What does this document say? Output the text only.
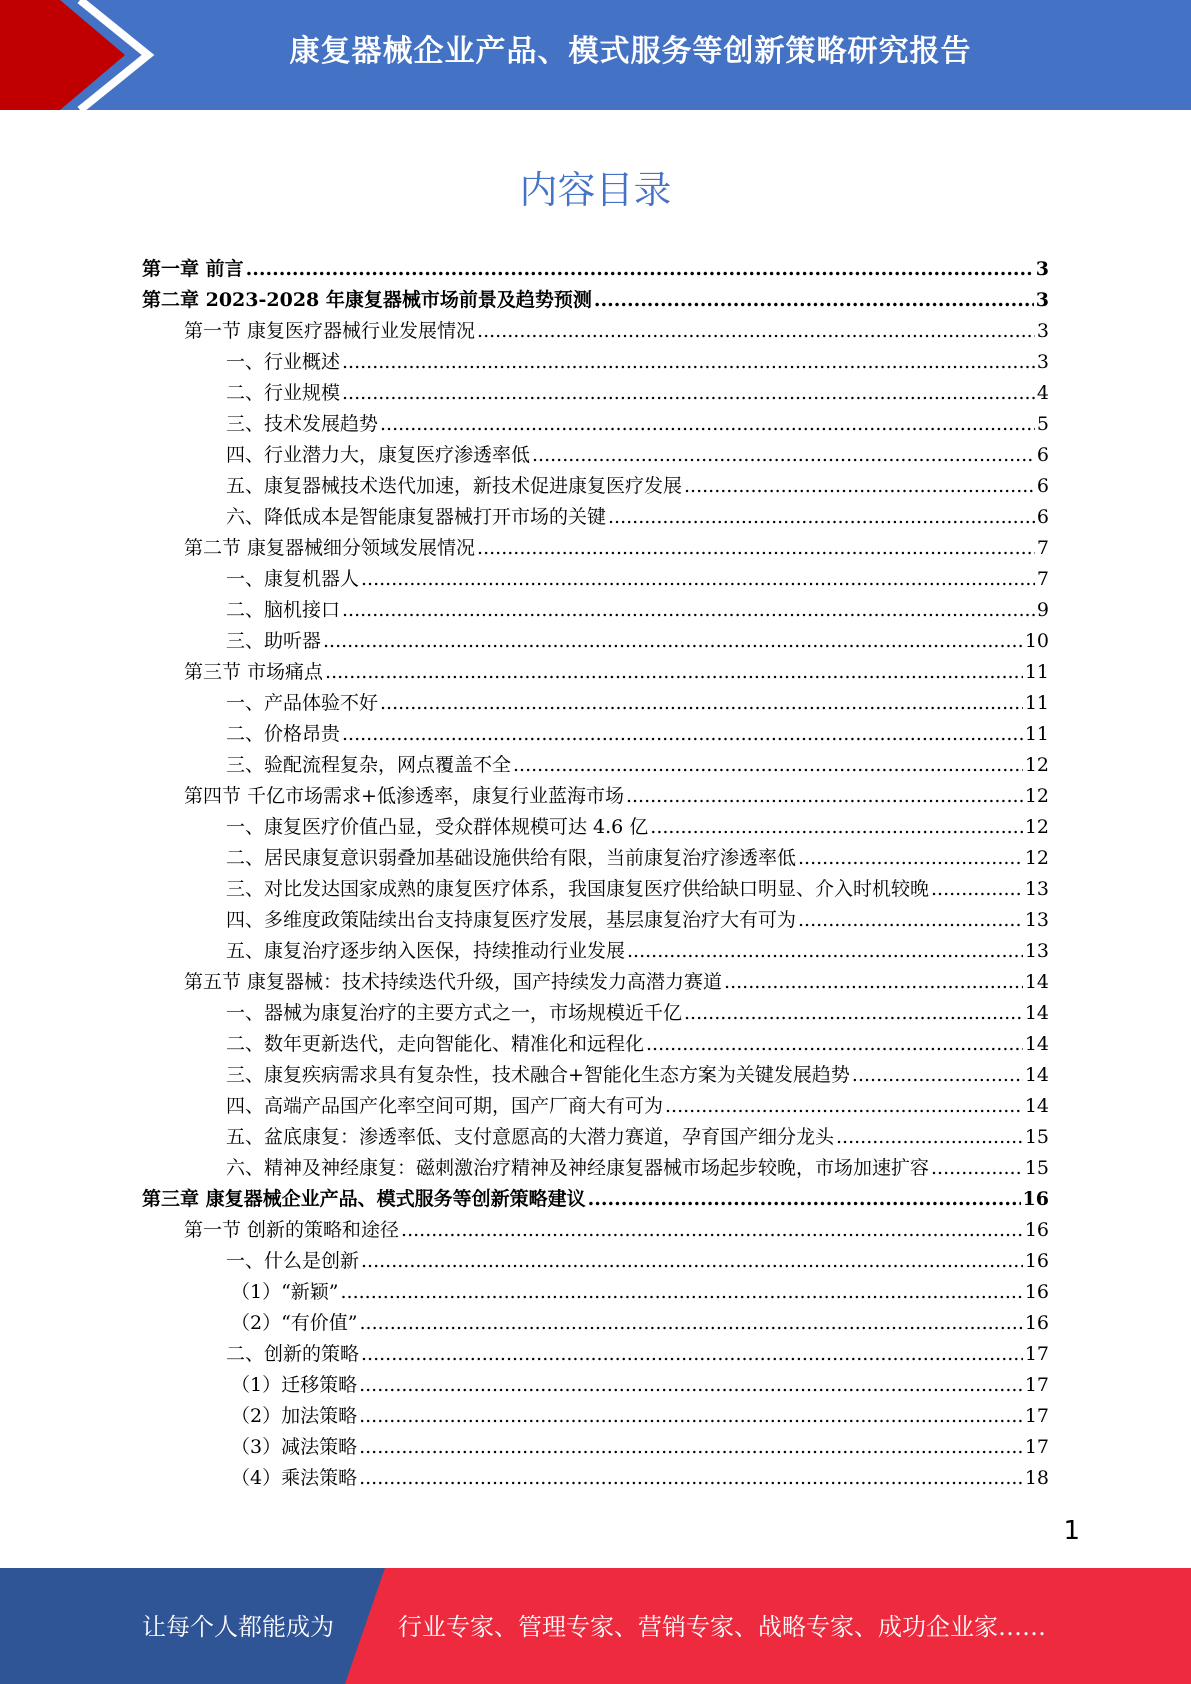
康复器械企业产品、模式服务等创新策略研究报告
内容目录
第一章 前言 .....	3
第二章 2023-2028 年康复器械市场前景及趋势预测 .....	3
第一节 康复医疗器械行业发展情况 .....	3
一、行业概述 .....	3
二、行业规模 .....	4
三、技术发展趋势 .....	5
四、行业潜力大，康复医疗渗透率低 .....	6
五、康复器械技术迭代加速，新技术促进康复医疗发展 .....	6
六、降低成本是智能康复器械打开市场的关键 .....	6
第二节 康复器械细分领域发展情况 .....	7
一、康复机器人 .....	7
二、脑机接口 .....	9
三、助听器 .....	10
第三节 市场痛点 .....	11
一、产品体验不好 .....	11
二、价格昂贵 .....	11
三、验配流程复杂，网点覆盖不全 .....	12
第四节 千亿市场需求+低渗透率，康复行业蓝海市场 .....	12
一、康复医疗价值凸显，受众群体规模可达 4.6 亿 .....	12
二、居民康复意识弱叠加基础设施供给有限，当前康复治疗渗透率低 .....	12
三、对比发达国家成熟的康复医疗体系，我国康复医疗供给缺口明显、介入时机较晚 .....	13
四、多维度政策陆续出台支持康复医疗发展，基层康复治疗大有可为 .....	13
五、康复治疗逐步纳入医保，持续推动行业发展 .....	13
第五节 康复器械：技术持续迭代升级，国产持续发力高潜力赛道 .....	14
一、器械为康复治疗的主要方式之一，市场规模近千亿 .....	14
二、数年更新迭代，走向智能化、精准化和远程化 .....	14
三、康复疾病需求具有复杂性，技术融合+智能化生态方案为关键发展趋势 .....	14
四、高端产品国产化率空间可期，国产厂商大有可为 .....	14
五、盆底康复：渗透率低、支付意愿高的大潜力赛道，孕育国产细分龙头 .....	15
六、精神及神经康复：磁刺激治疗精神及神经康复器械市场起步较晚，市场加速扩容 .....	15
第三章 康复器械企业产品、模式服务等创新策略建议 .....	16
第一节 创新的策略和途径 .....	16
一、什么是创新 .....	16
（1）“新颖” .....	16
（2）“有价值” .....	16
二、创新的策略 .....	17
（1）迁移策略 .....	17
（2）加法策略 .....	17
（3）减法策略 .....	17
（4）乘法策略 .....	18
1
让每个人都能成为	行业专家、管理专家、营销专家、战略专家、成功企业家……
